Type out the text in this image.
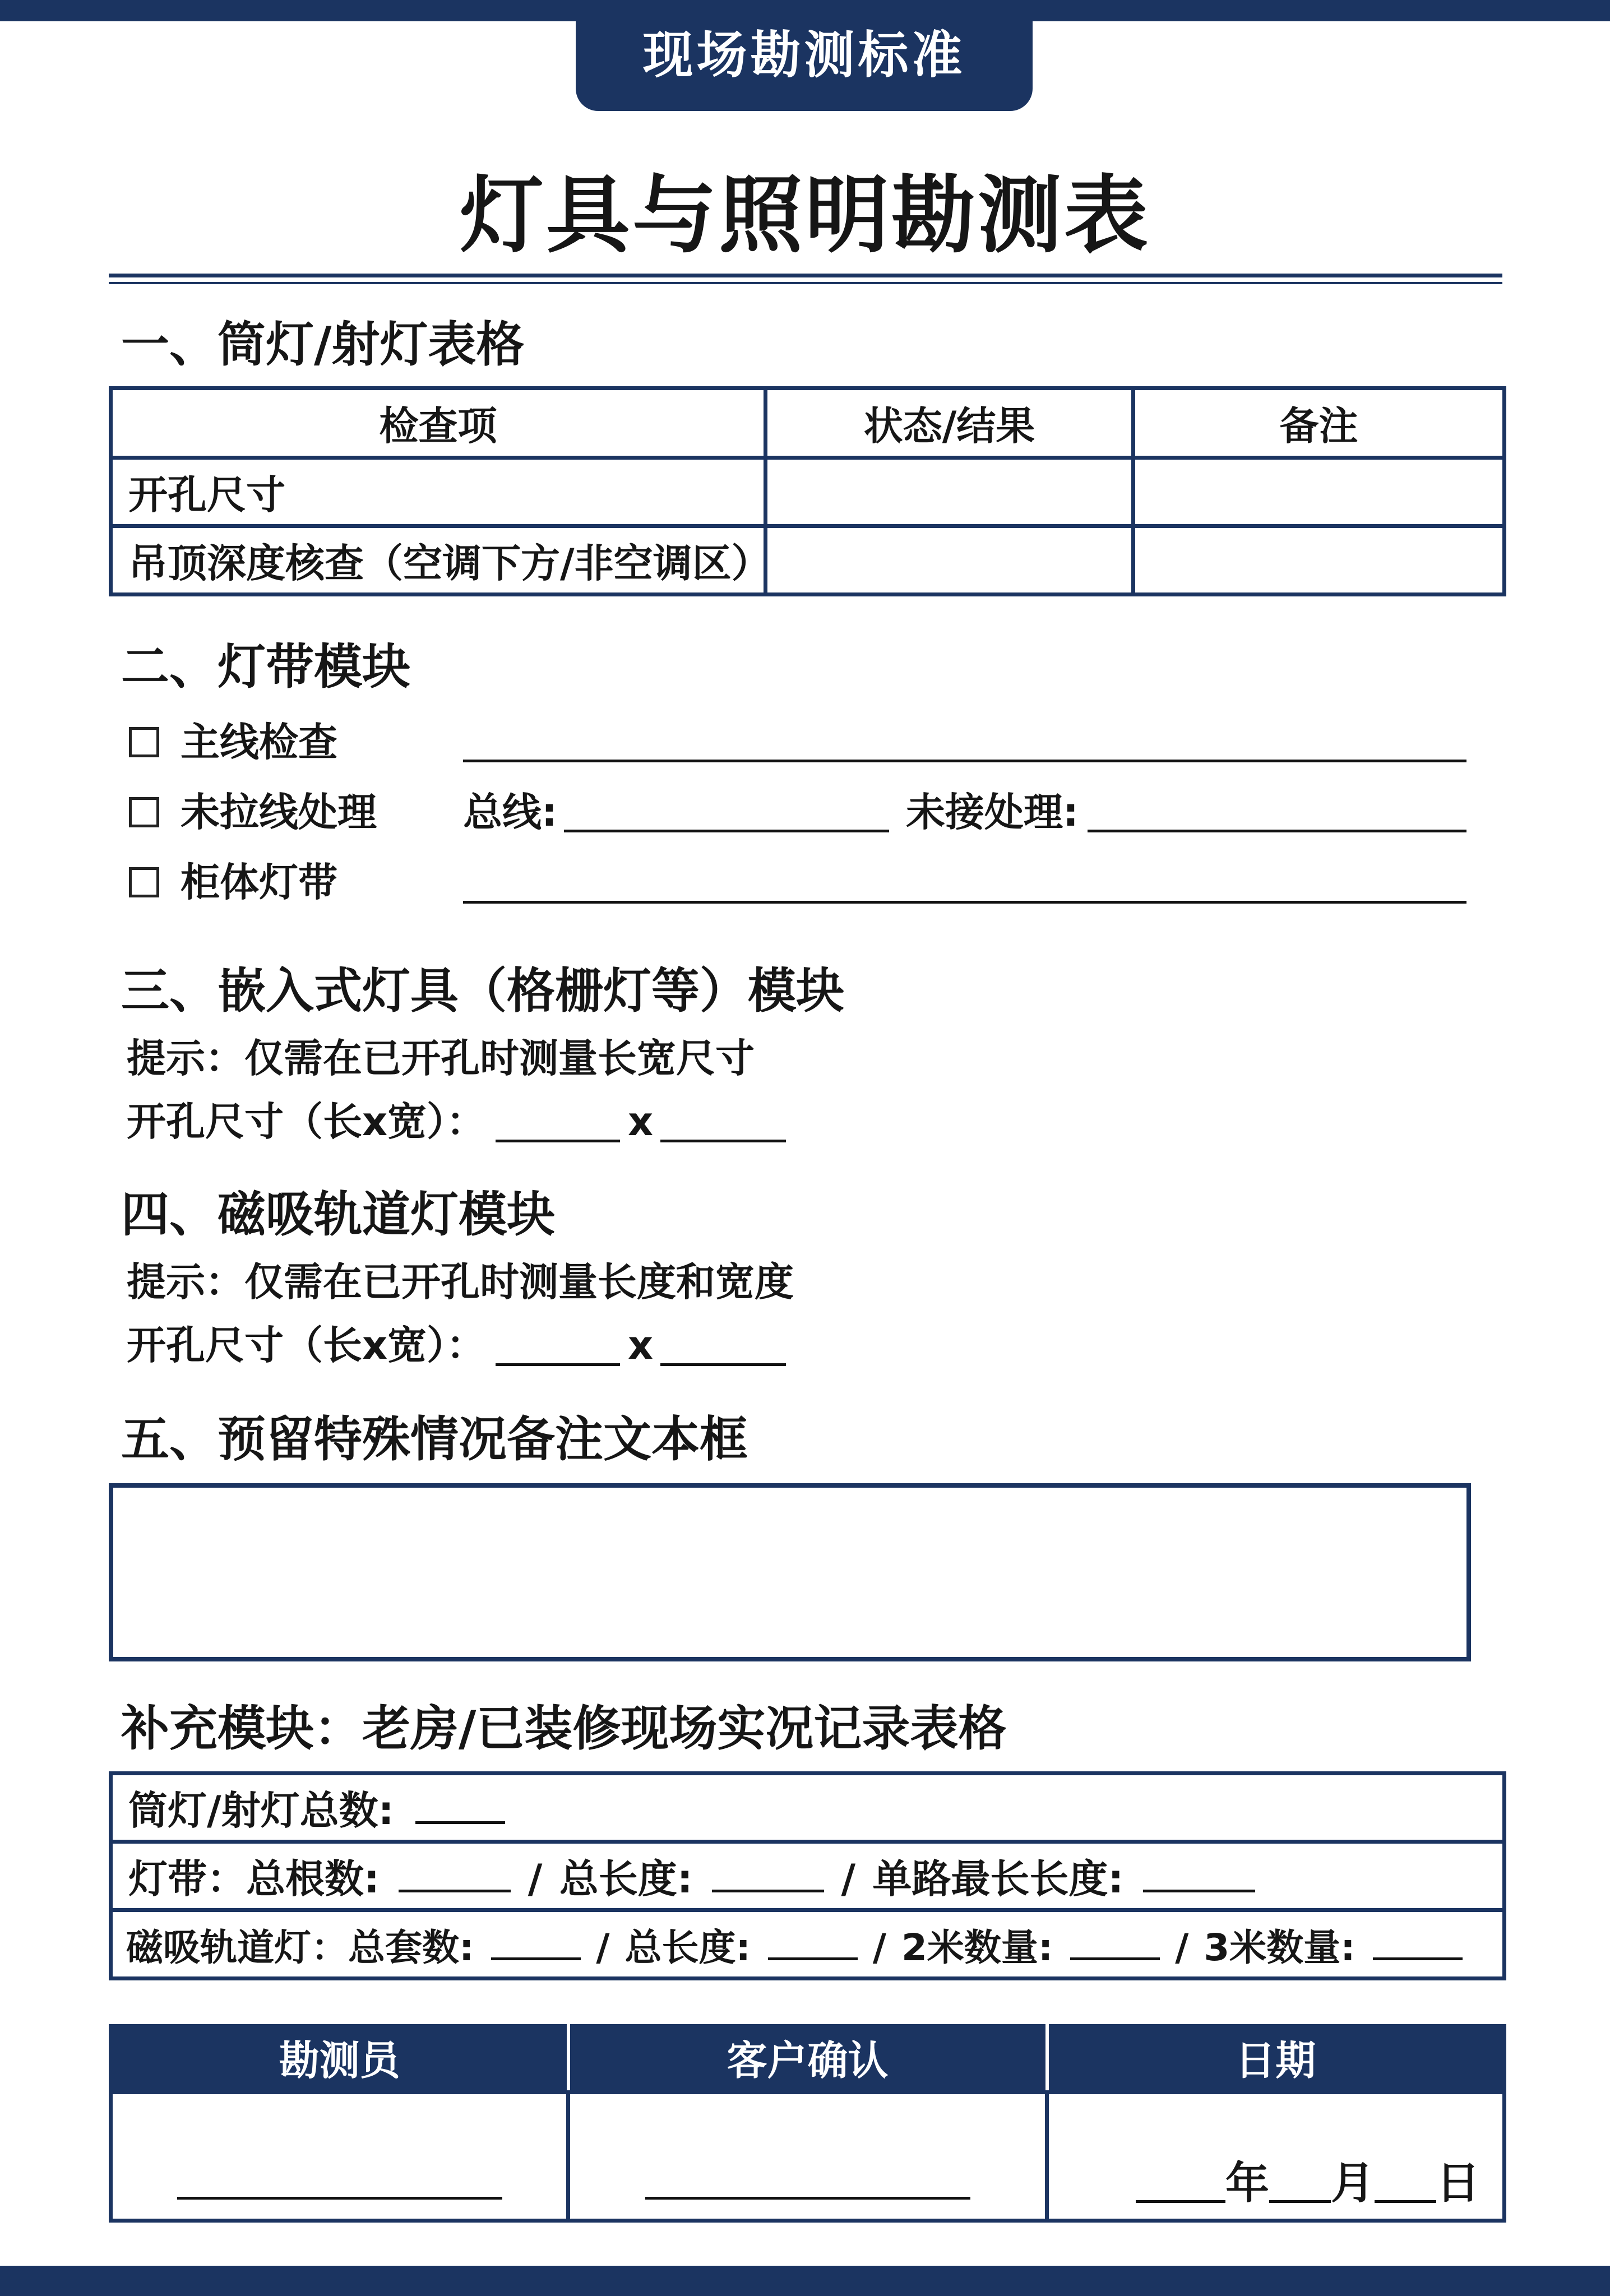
现场勘测标准
灯具与照明勘测表
一、筒灯/射灯表格
检查项	状态/结果	备注
开孔尺寸		
吊顶深度核查（空调下方/非空调区）		
二、灯带模块
主线检查
未拉线处理 总线:	未接处理:
柜体灯带
三、嵌入式灯具（格栅灯等）模块
提示：仅需在已开孔时测量长宽尺寸
开孔尺寸（长x宽）：	x
四、磁吸轨道灯模块
提示：仅需在已开孔时测量长度和宽度
开孔尺寸（长x宽）：	x
五、预留特殊情况备注文本框
补充模块：老房/已装修现场实况记录表格
筒灯/射灯总数:
灯带：总根数:	/ 总长度:	/ 单路最长长度:
磁吸轨道灯：总套数:	/ 总长度:	/ 2米数量:	/ 3米数量:
勘测员	客户确认	日期

		年 月 日
